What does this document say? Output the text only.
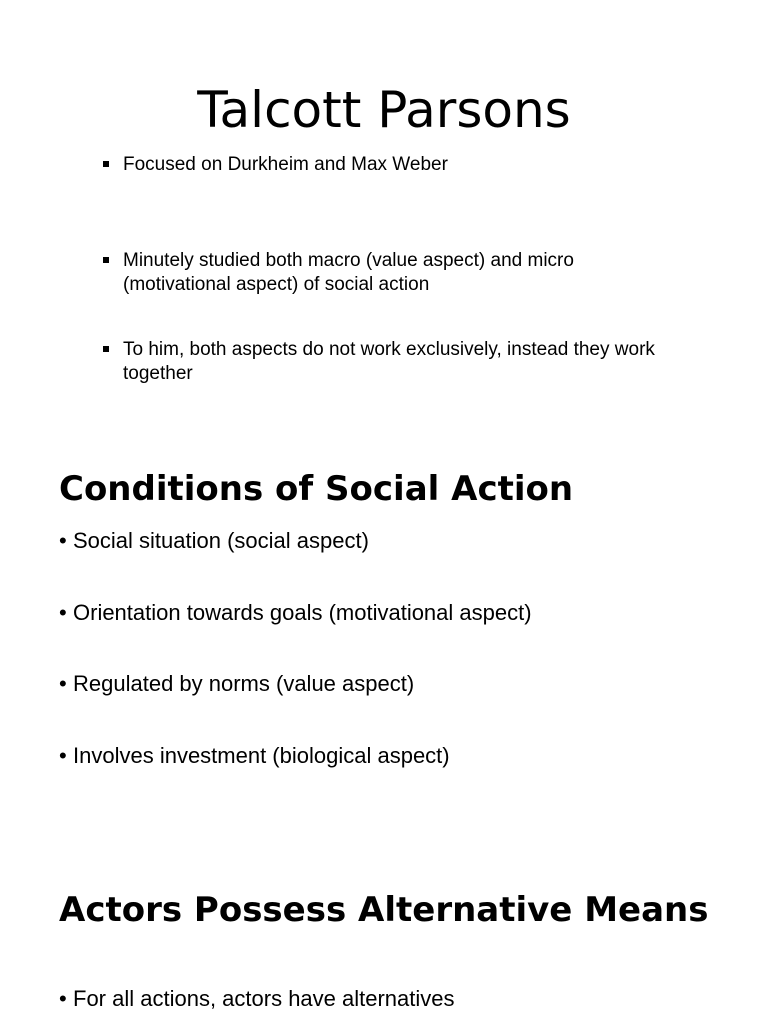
Talcott Parsons
Focused on Durkheim and Max Weber
Minutely studied both macro (value aspect) and micro (motivational aspect) of social action
To him, both aspects do not work exclusively, instead they work together
Conditions of Social Action
• Social situation (social aspect)
• Orientation towards goals (motivational aspect)
• Regulated by norms (value aspect)
• Involves investment (biological aspect)
Actors Possess Alternative Means
• For all actions, actors have alternatives
